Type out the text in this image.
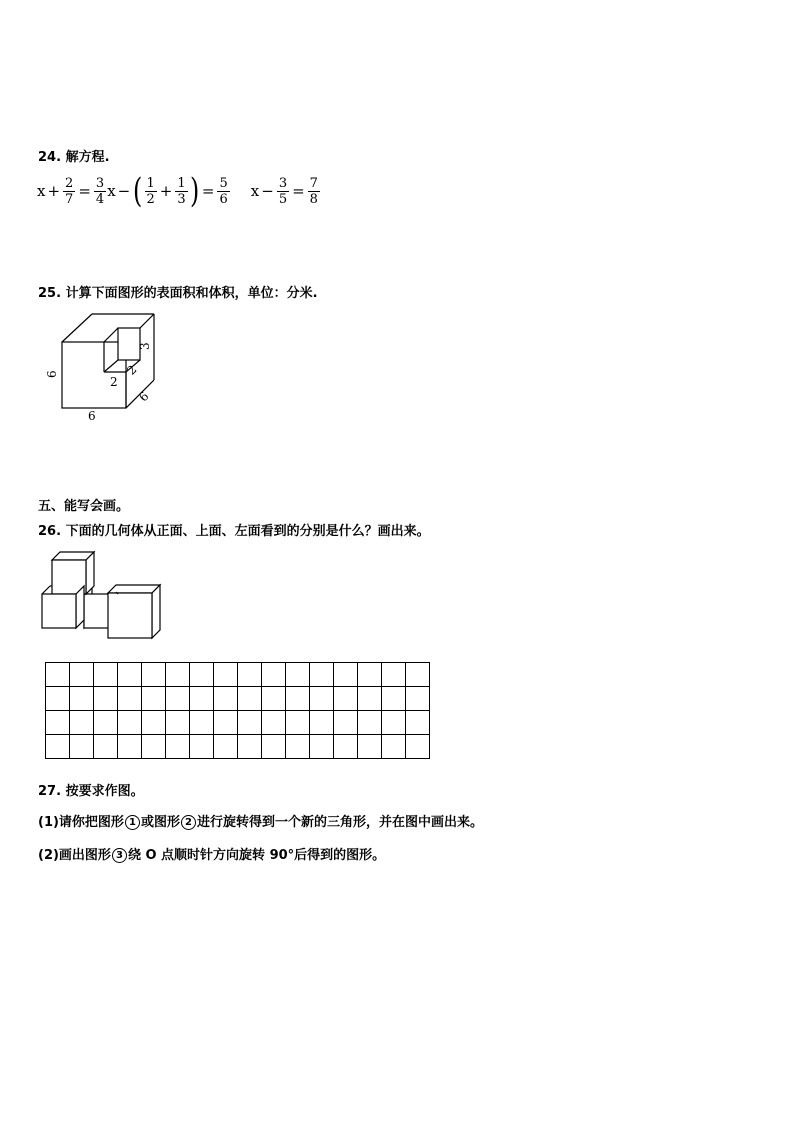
24. 解方程.
$x + \frac{2}{7} = \frac{3}{4}$ x − ( $\frac{1}{2} + \frac{1}{3}$ ) = $\frac{5}{6}$ $x - \frac{3}{5} = \frac{7}{8}$
25. 计算下面图形的表面积和体积，单位：分米.
6
6
6
3
2
2
五、能写会画。
26. 下面的几何体从正面、上面、左面看到的分别是什么？画出来。
27. 按要求作图。
(1)请你把图形 1 或图形 2 进行旋转得到一个新的三角形，并在图中画出来。
(2)画出图形 3 绕 O 点顺时针方向旋转 90°后得到的图形。
